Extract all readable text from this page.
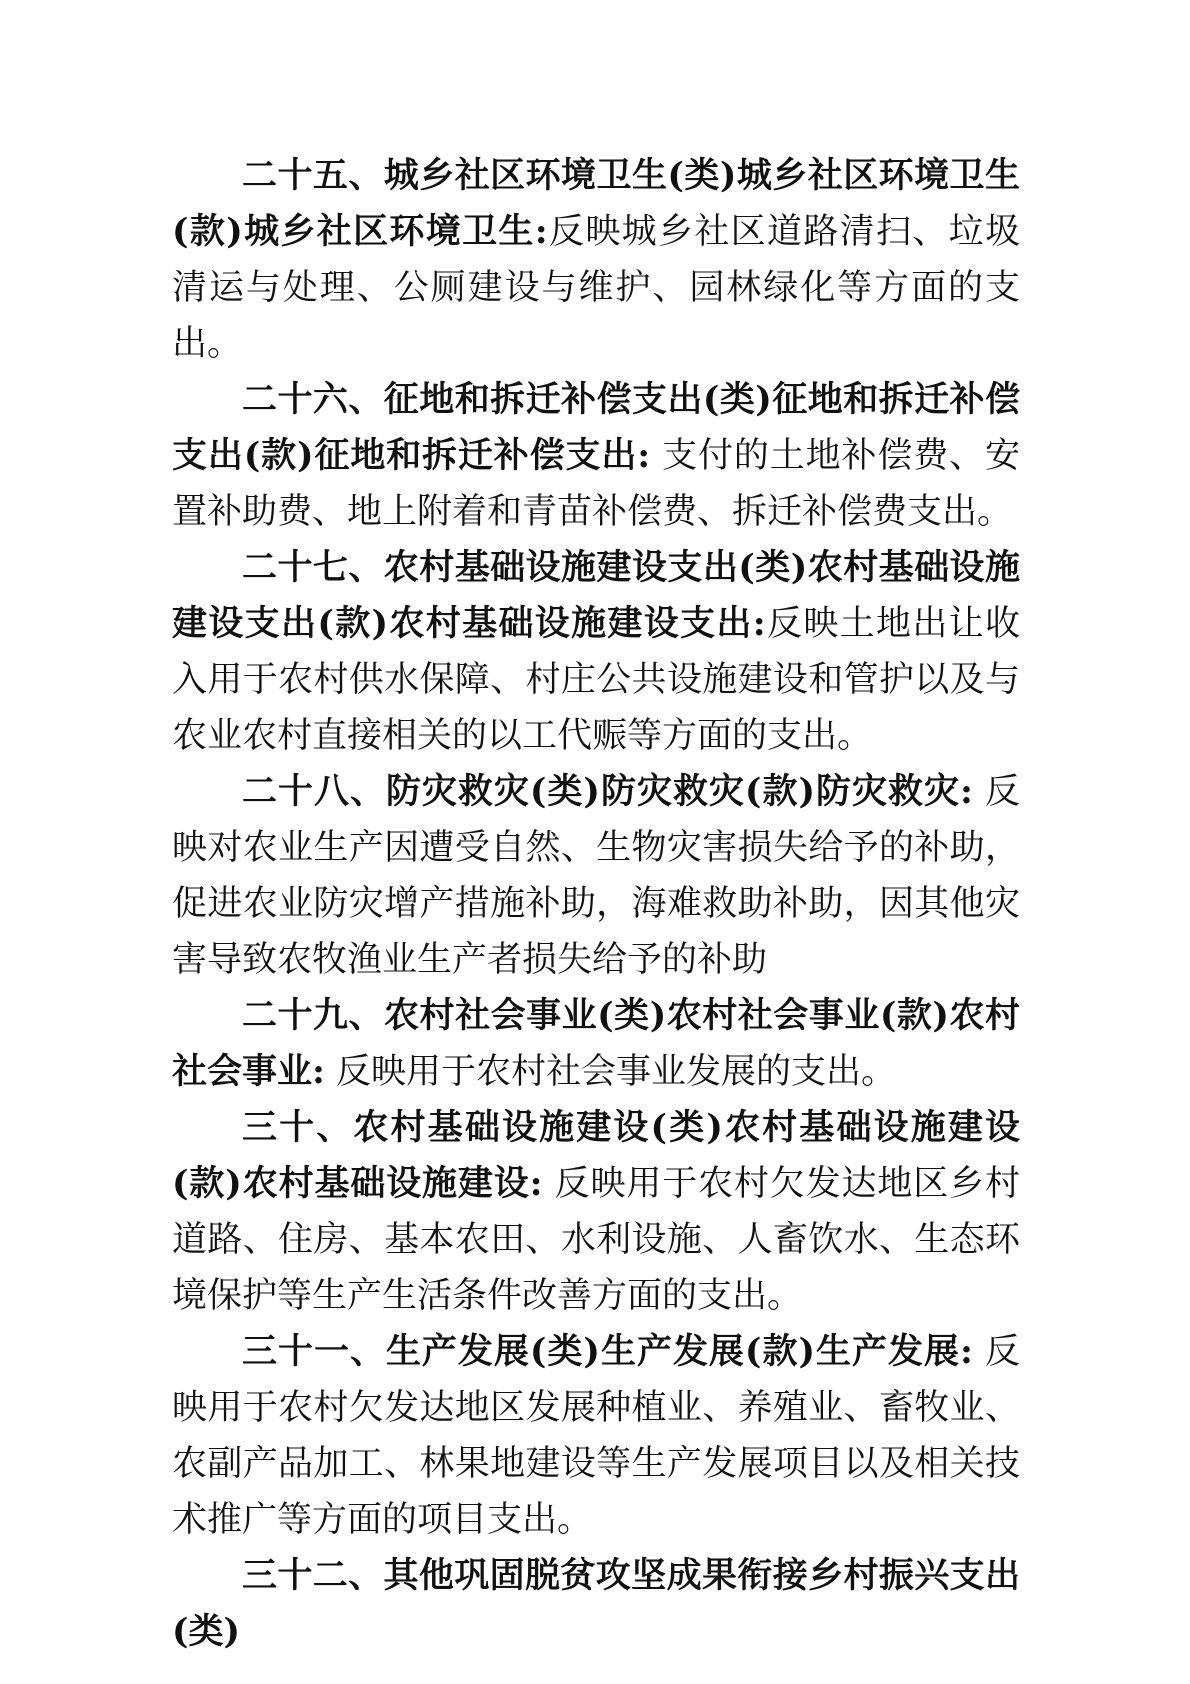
二十五、城乡社区环境卫生(类)城乡社区环境卫生(款)城乡社区环境卫生:反映城乡社区道路清扫、垃圾清运与处理、公厕建设与维护、园林绿化等方面的支出。

二十六、征地和拆迁补偿支出(类)征地和拆迁补偿支出(款)征地和拆迁补偿支出: 支付的土地补偿费、安置补助费、地上附着和青苗补偿费、拆迁补偿费支出。

二十七、农村基础设施建设支出(类)农村基础设施建设支出(款)农村基础设施建设支出:反映土地出让收入用于农村供水保障、村庄公共设施建设和管护以及与农业农村直接相关的以工代赈等方面的支出。

二十八、防灾救灾(类)防灾救灾(款)防灾救灾: 反映对农业生产因遭受自然、生物灾害损失给予的补助，促进农业防灾增产措施补助，海难救助补助，因其他灾害导致农牧渔业生产者损失给予的补助

二十九、农村社会事业(类)农村社会事业(款)农村社会事业: 反映用于农村社会事业发展的支出。

三十、农村基础设施建设(类)农村基础设施建设(款)农村基础设施建设: 反映用于农村欠发达地区乡村道路、住房、基本农田、水利设施、人畜饮水、生态环境保护等生产生活条件改善方面的支出。

三十一、生产发展(类)生产发展(款)生产发展: 反映用于农村欠发达地区发展种植业、养殖业、畜牧业、农副产品加工、林果地建设等生产发展项目以及相关技术推广等方面的项目支出。

三十二、其他巩固脱贫攻坚成果衔接乡村振兴支出(类)
